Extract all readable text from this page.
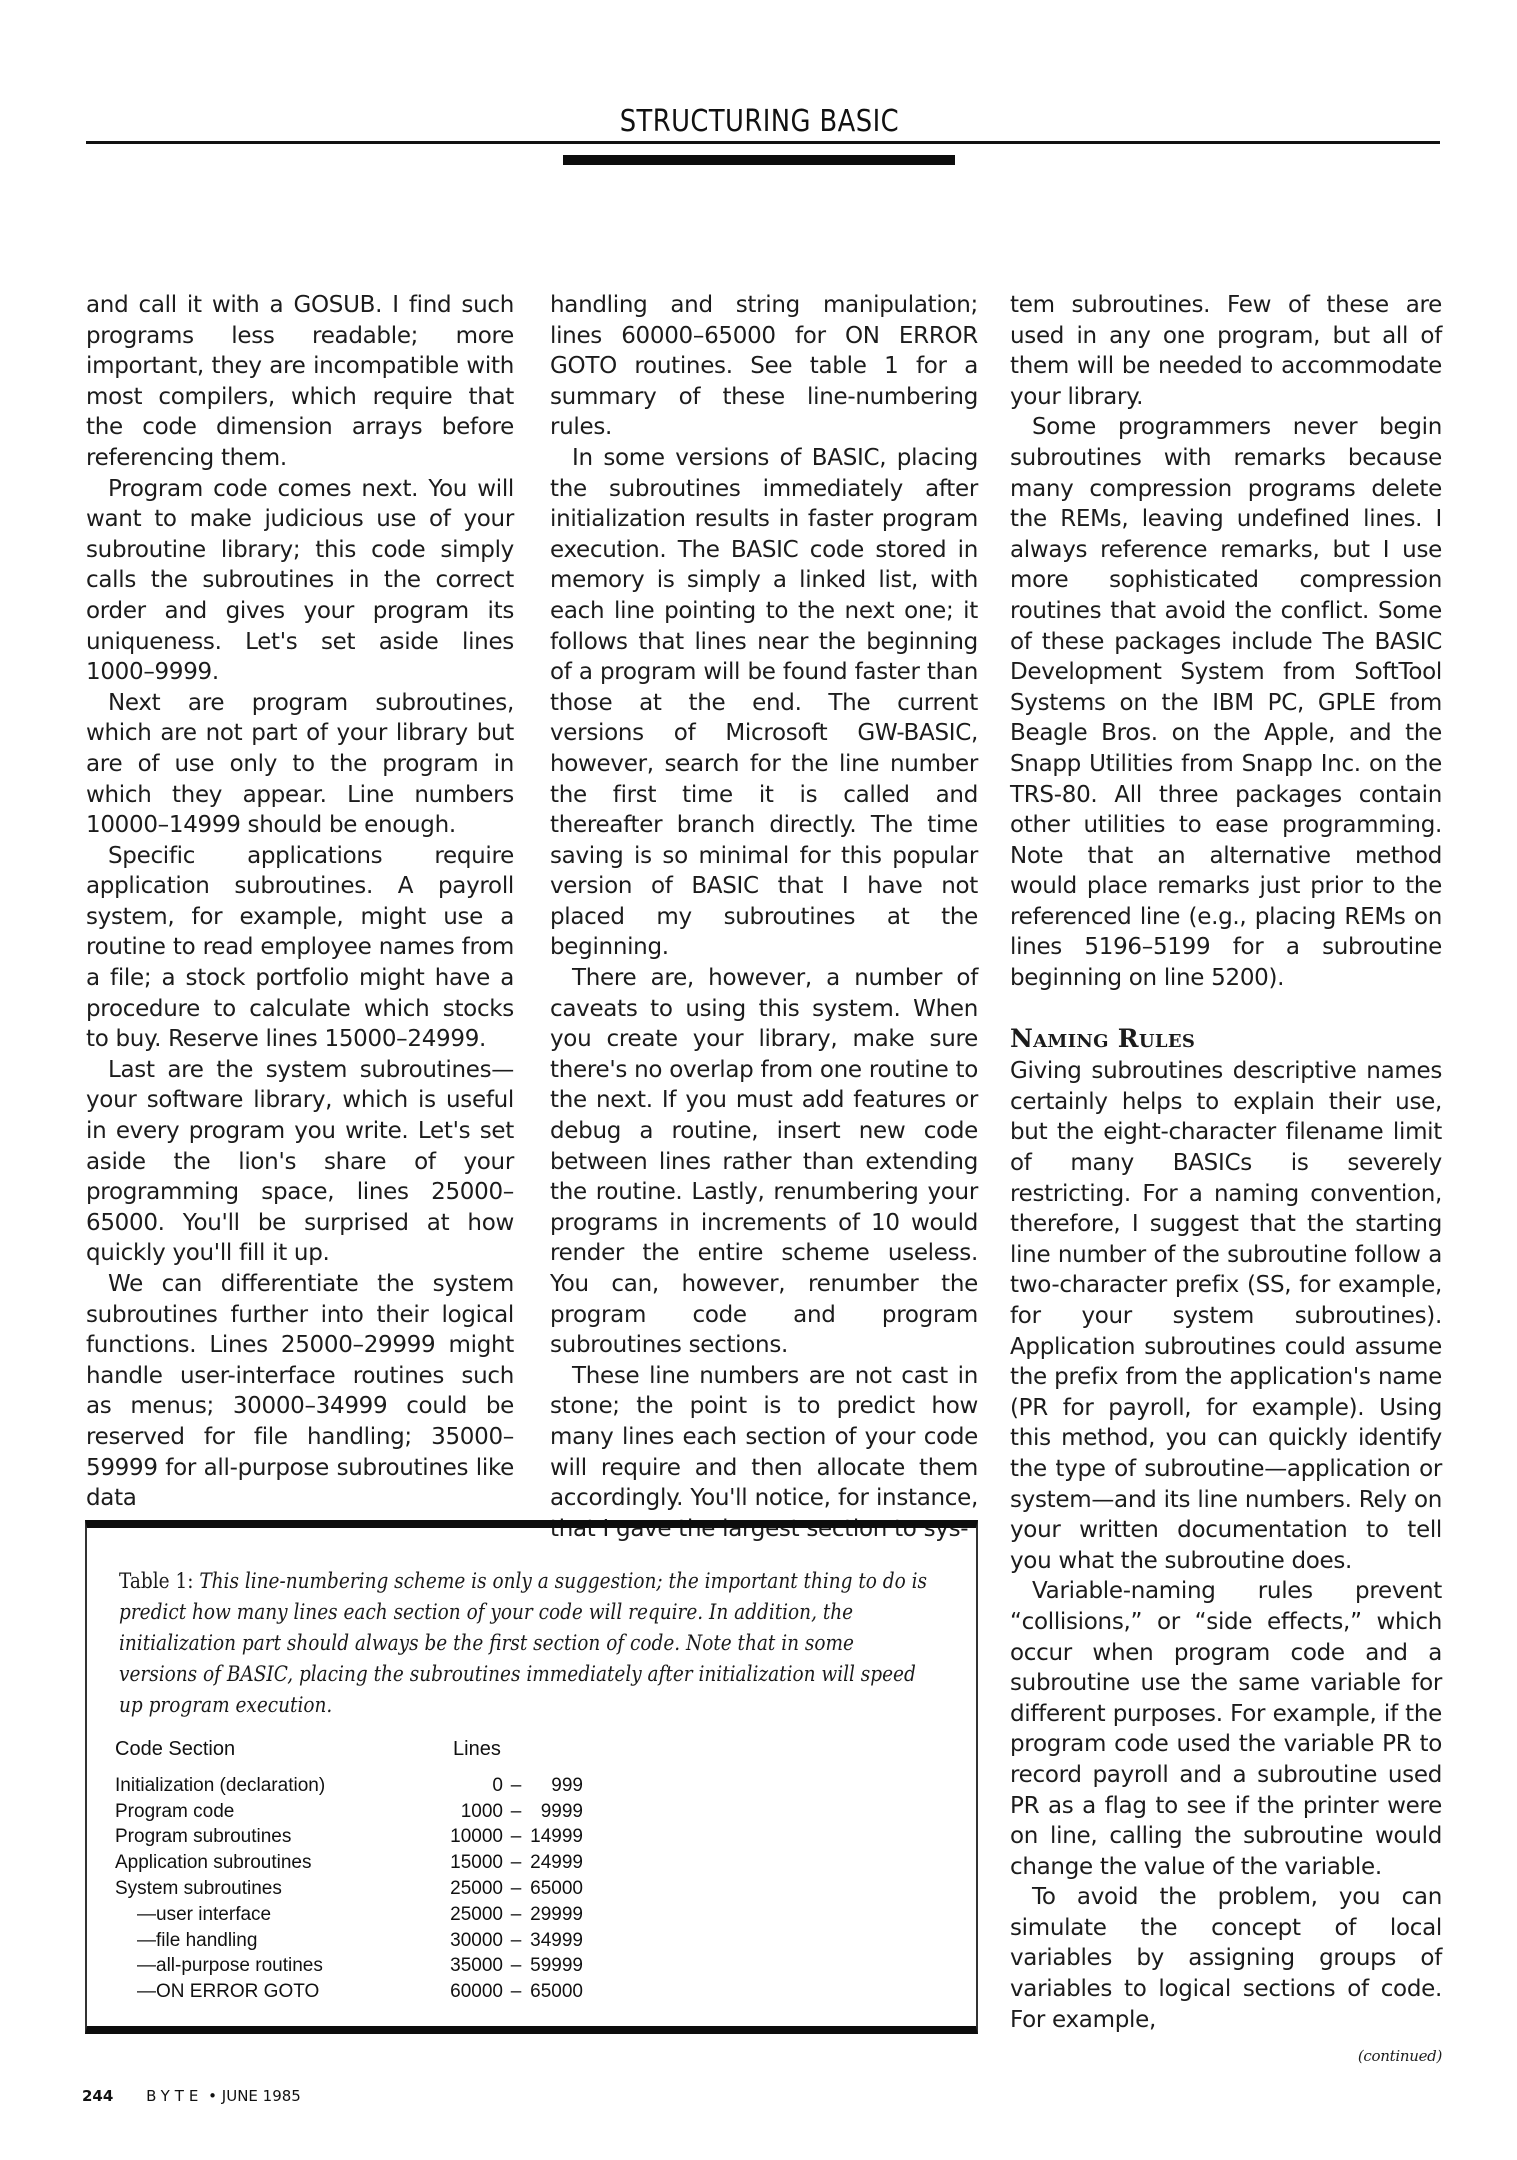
STRUCTURING BASIC

and call it with a GOSUB. I find such programs less readable; more important, they are incompatible with most compilers, which require that the code dimension arrays before referencing them.

Program code comes next. You will want to make judicious use of your subroutine library; this code simply calls the subroutines in the correct order and gives your program its uniqueness. Let's set aside lines 1000–9999.

Next are program subroutines, which are not part of your library but are of use only to the program in which they appear. Line numbers 10000–14999 should be enough.

Specific applications require application subroutines. A payroll system, for example, might use a routine to read employee names from a file; a stock portfolio might have a procedure to calculate which stocks to buy. Reserve lines 15000–24999.

Last are the system subroutines—your software library, which is useful in every program you write. Let's set aside the lion's share of your programming space, lines 25000–65000. You'll be surprised at how quickly you'll fill it up.

We can differentiate the system subroutines further into their logical functions. Lines 25000–29999 might handle user-interface routines such as menus; 30000–34999 could be reserved for file handling; 35000–59999 for all-purpose subroutines like data

handling and string manipulation; lines 60000–65000 for ON ERROR GOTO routines. See table 1 for a summary of these line-numbering rules.

In some versions of BASIC, placing the subroutines immediately after initialization results in faster program execution. The BASIC code stored in memory is simply a linked list, with each line pointing to the next one; it follows that lines near the beginning of a program will be found faster than those at the end. The current versions of Microsoft GW-BASIC, however, search for the line number the first time it is called and thereafter branch directly. The time saving is so minimal for this popular version of BASIC that I have not placed my subroutines at the beginning.

There are, however, a number of caveats to using this system. When you create your library, make sure there's no overlap from one routine to the next. If you must add features or debug a routine, insert new code between lines rather than extending the routine. Lastly, renumbering your programs in increments of 10 would render the entire scheme useless. You can, however, renumber the program code and program subroutines sections.

These line numbers are not cast in stone; the point is to predict how many lines each section of your code will require and then allocate them accordingly. You'll notice, for instance, that I gave the largest section to sys-

tem subroutines. Few of these are used in any one program, but all of them will be needed to accommodate your library.

Some programmers never begin subroutines with remarks because many compression programs delete the REMs, leaving undefined lines. I always reference remarks, but I use more sophisticated compression routines that avoid the conflict. Some of these packages include The BASIC Development System from SoftTool Systems on the IBM PC, GPLE from Beagle Bros. on the Apple, and the Snapp Utilities from Snapp Inc. on the TRS-80. All three packages contain other utilities to ease programming. Note that an alternative method would place remarks just prior to the referenced line (e.g., placing REMs on lines 5196–5199 for a subroutine beginning on line 5200).

Naming Rules

Giving subroutines descriptive names certainly helps to explain their use, but the eight-character filename limit of many BASICs is severely restricting. For a naming convention, therefore, I suggest that the starting line number of the subroutine follow a two-character prefix (SS, for example, for your system subroutines). Application subroutines could assume the prefix from the application's name (PR for payroll, for example). Using this method, you can quickly identify the type of subroutine—application or system—and its line numbers. Rely on your written documentation to tell you what the subroutine does.

Variable-naming rules prevent “collisions,” or “side effects,” which occur when program code and a subroutine use the same variable for different purposes. For example, if the program code used the variable PR to record payroll and a subroutine used PR as a flag to see if the printer were on line, calling the subroutine would change the value of the variable.

To avoid the problem, you can simulate the concept of local variables by assigning groups of variables to logical sections of code. For example,

(continued)
Table 1: This line-numbering scheme is only a suggestion; the important thing to do is predict how many lines each section of your code will require. In addition, the initialization part should always be the first section of code. Note that in some versions of BASIC, placing the subroutines immediately after initialization will speed up program execution.
Code Section	Lines
Initialization (declaration)	0 –	999
Program code	1000 –	9999
Program subroutines	10000 – 14999
Application subroutines	15000 – 24999
System subroutines	25000 – 65000
—user interface	25000 – 29999
—file handling	30000 – 34999
—all-purpose routines	35000 – 59999
—ON ERROR GOTO	60000 – 65000
244 BYTE • JUNE 1985
